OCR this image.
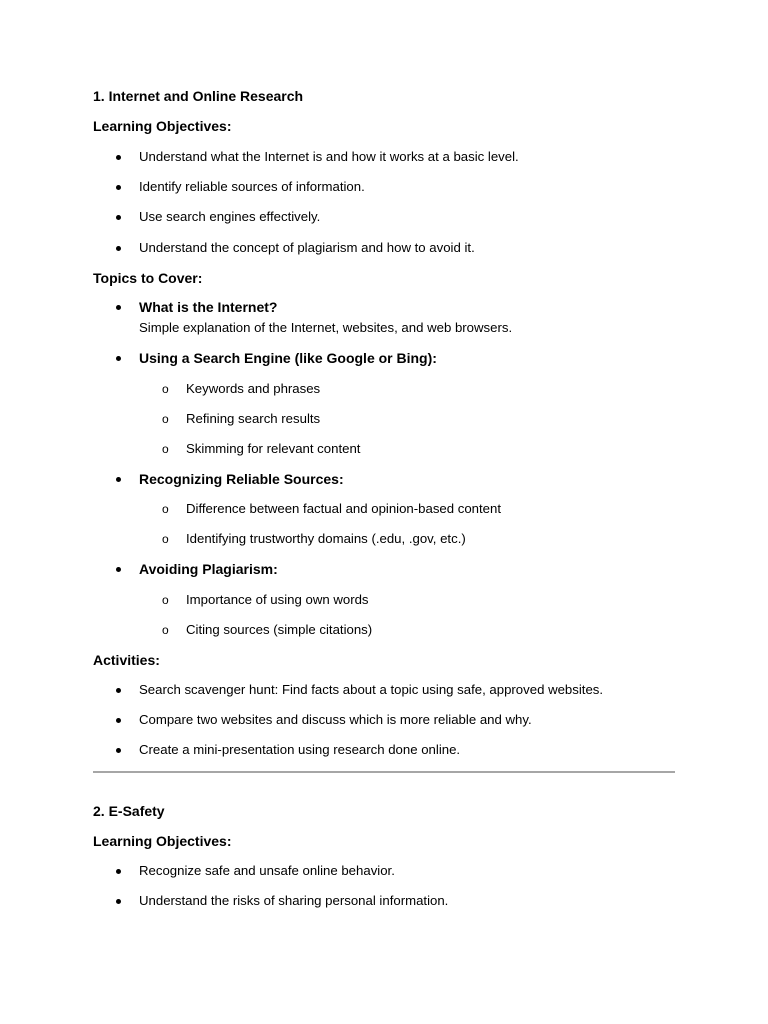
1. Internet and Online Research
Learning Objectives:
Understand what the Internet is and how it works at a basic level.
Identify reliable sources of information.
Use search engines effectively.
Understand the concept of plagiarism and how to avoid it.
Topics to Cover:
What is the Internet?
Simple explanation of the Internet, websites, and web browsers.
Using a Search Engine (like Google or Bing):
o Keywords and phrases
o Refining search results
o Skimming for relevant content
Recognizing Reliable Sources:
o Difference between factual and opinion-based content
o Identifying trustworthy domains (.edu, .gov, etc.)
Avoiding Plagiarism:
o Importance of using own words
o Citing sources (simple citations)
Activities:
Search scavenger hunt: Find facts about a topic using safe, approved websites.
Compare two websites and discuss which is more reliable and why.
Create a mini-presentation using research done online.
2. E-Safety
Learning Objectives:
Recognize safe and unsafe online behavior.
Understand the risks of sharing personal information.
